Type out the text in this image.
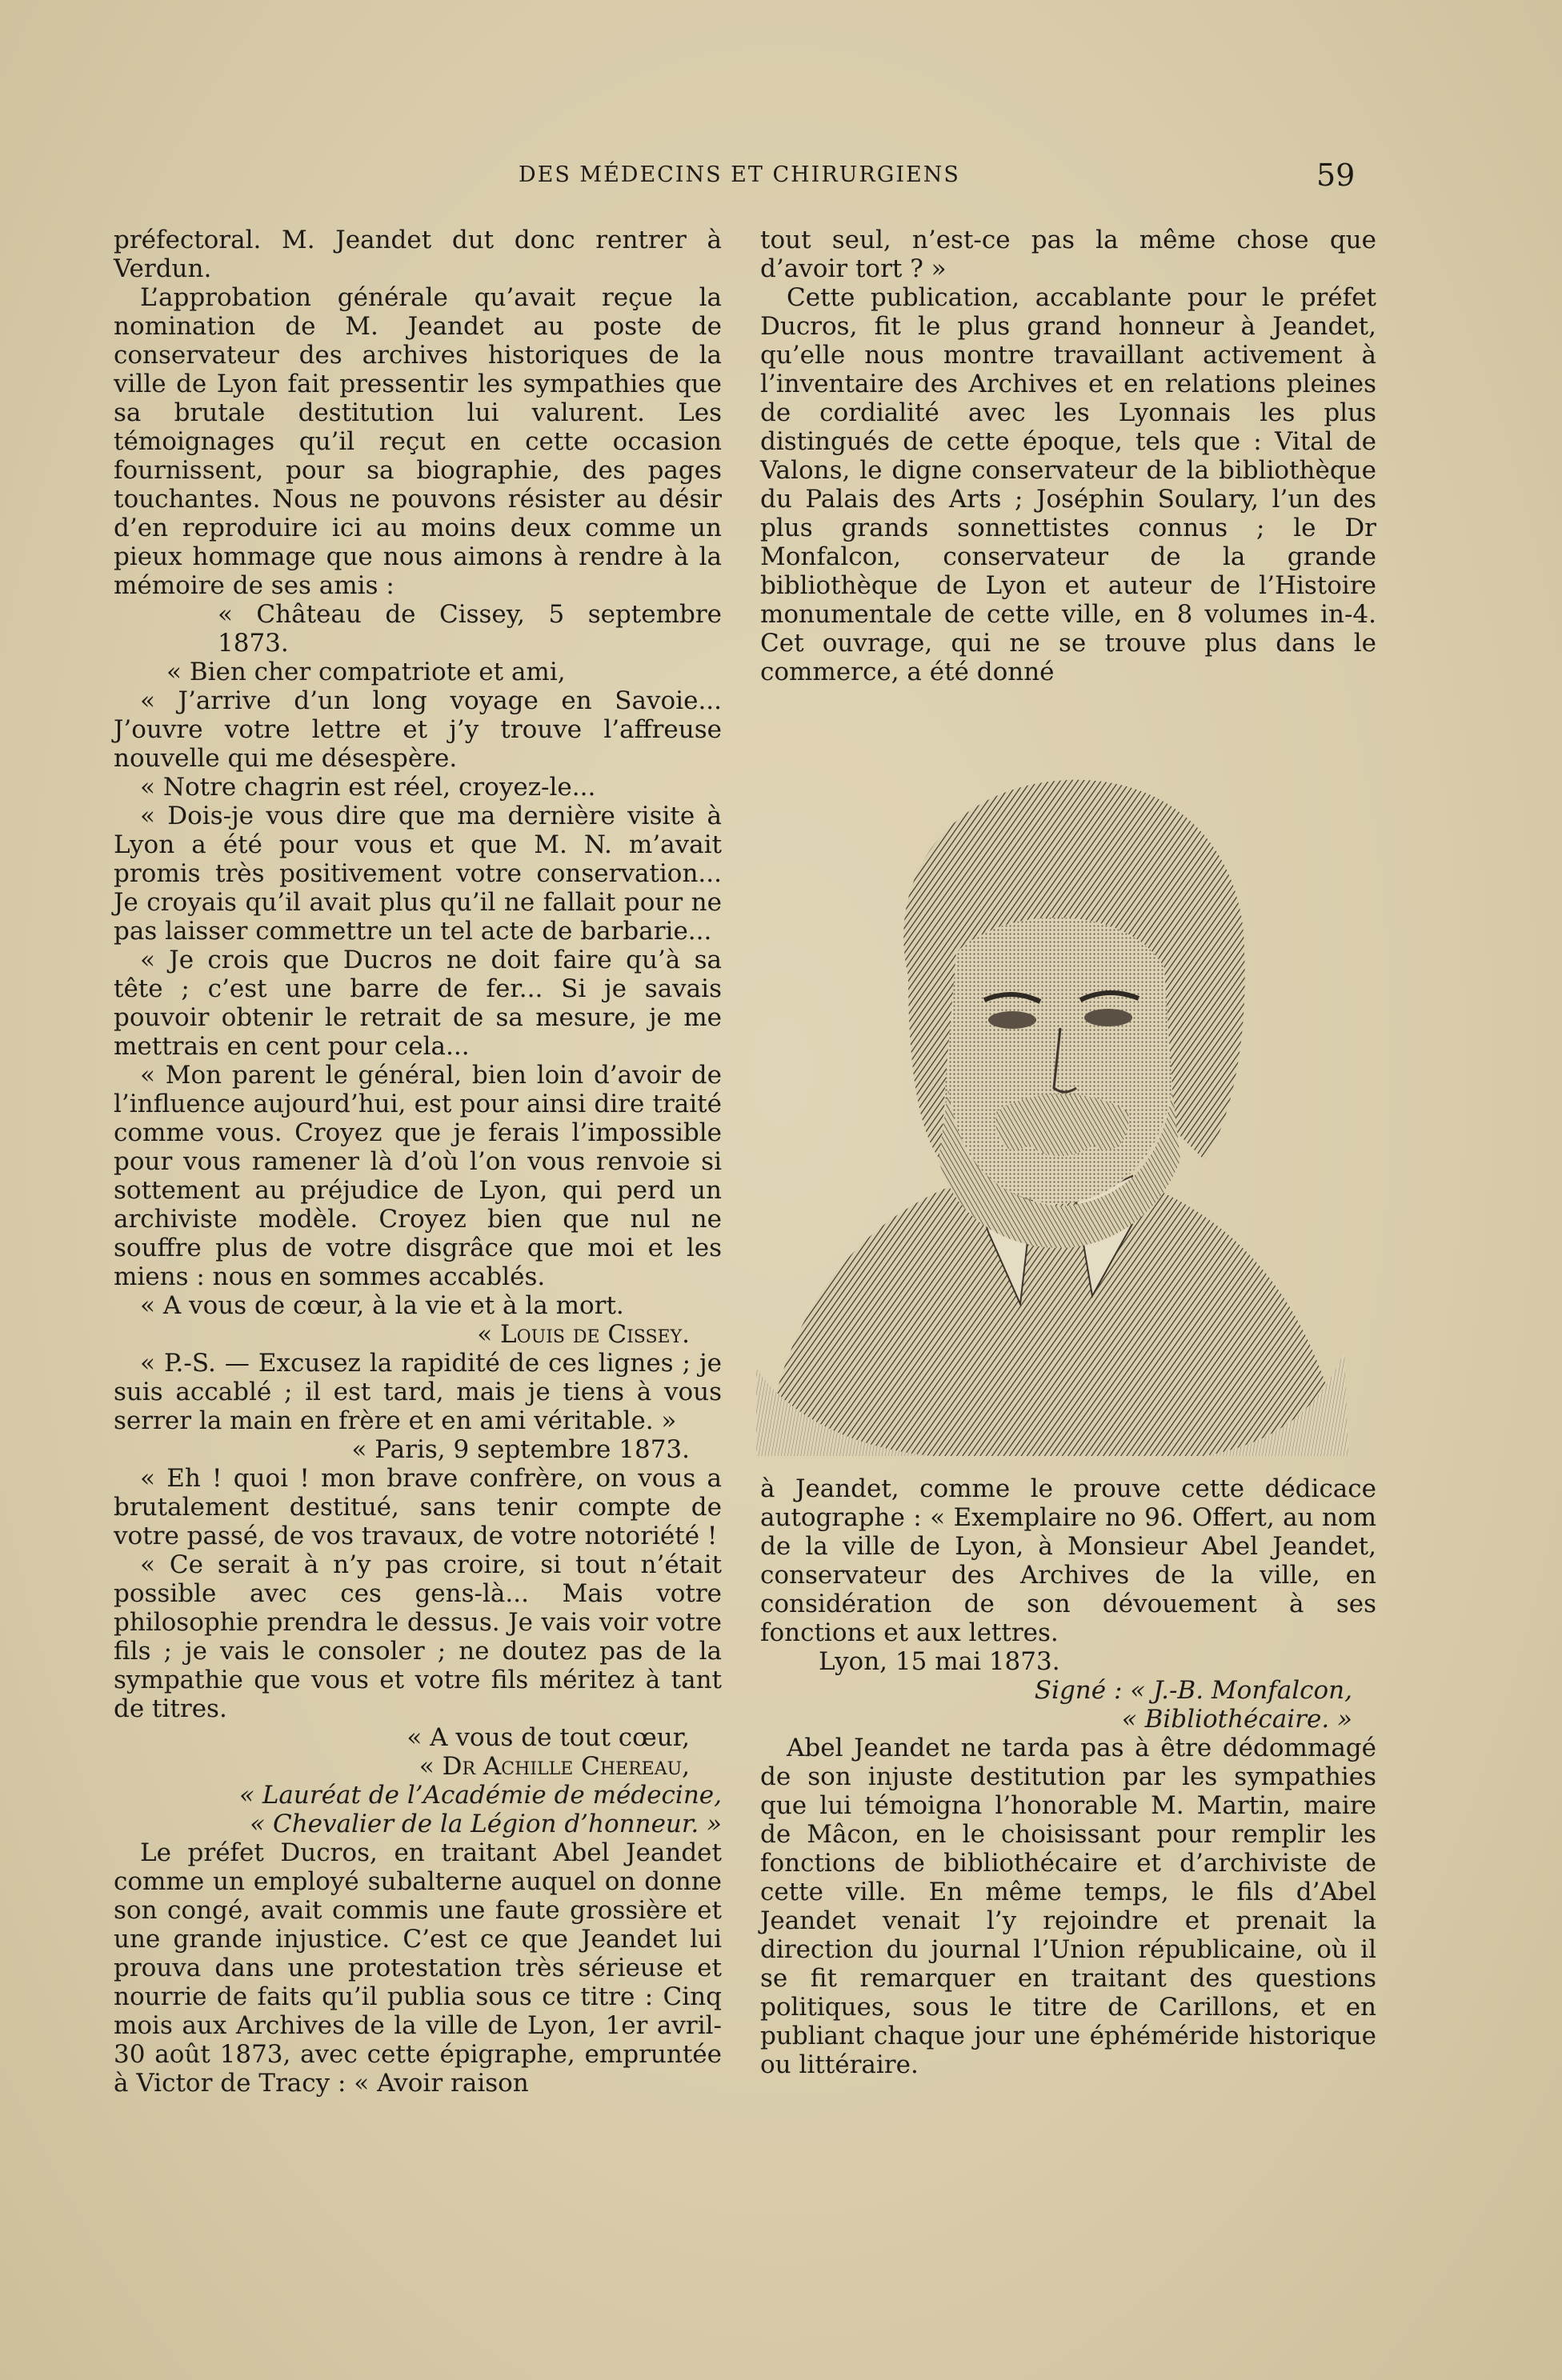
DES MÉDECINS ET CHIRURGIENS	59

préfectoral. M. Jeandet dut donc rentrer à Verdun.

L’approbation générale qu’avait reçue la nomination de M. Jeandet au poste de conservateur des archives historiques de la ville de Lyon fait pressentir les sympathies que sa brutale destitution lui valurent. Les témoignages qu’il reçut en cette occasion fournissent, pour sa biographie, des pages touchantes. Nous ne pouvons résister au désir d’en reproduire ici au moins deux comme un pieux hommage que nous aimons à rendre à la mémoire de ses amis :

« Château de Cissey, 5 septembre 1873.

« Bien cher compatriote et ami,

« J’arrive d’un long voyage en Savoie... J’ouvre votre lettre et j’y trouve l’affreuse nouvelle qui me désespère.

« Notre chagrin est réel, croyez-le...

« Dois-je vous dire que ma dernière visite à Lyon a été pour vous et que M. N. m’avait promis très positivement votre conservation... Je croyais qu’il avait plus qu’il ne fallait pour ne pas laisser commettre un tel acte de barbarie...

« Je crois que Ducros ne doit faire qu’à sa tête ; c’est une barre de fer... Si je savais pouvoir obtenir le retrait de sa mesure, je me mettrais en cent pour cela...

« Mon parent le général, bien loin d’avoir de l’influence aujourd’hui, est pour ainsi dire traité comme vous. Croyez que je ferais l’impossible pour vous ramener là d’où l’on vous renvoie si sottement au préjudice de Lyon, qui perd un archiviste modèle. Croyez bien que nul ne souffre plus de votre disgrâce que moi et les miens : nous en sommes accablés.

« A vous de cœur, à la vie et à la mort.

« Louis de Cissey.

« P.-S. — Excusez la rapidité de ces lignes ; je suis accablé ; il est tard, mais je tiens à vous serrer la main en frère et en ami véritable. »

« Paris, 9 septembre 1873.

« Eh ! quoi ! mon brave confrère, on vous a brutalement destitué, sans tenir compte de votre passé, de vos travaux, de votre notoriété !

« Ce serait à n’y pas croire, si tout n’était possible avec ces gens-là... Mais votre philosophie prendra le dessus. Je vais voir votre fils ; je vais le consoler ; ne doutez pas de la sympathie que vous et votre fils méritez à tant de titres.

« A vous de tout cœur,

« Dr Achille Chereau,

« Lauréat de l’Académie de médecine,

« Chevalier de la Légion d’honneur. »

Le préfet Ducros, en traitant Abel Jeandet comme un employé subalterne auquel on donne son congé, avait commis une faute grossière et une grande injustice. C’est ce que Jeandet lui prouva dans une protestation très sérieuse et nourrie de faits qu’il publia sous ce titre : Cinq mois aux Archives de la ville de Lyon, 1er avril-30 août 1873, avec cette épigraphe, empruntée à Victor de Tracy : « Avoir raison

tout seul, n’est-ce pas la même chose que d’avoir tort ? »

Cette publication, accablante pour le préfet Ducros, fit le plus grand honneur à Jeandet, qu’elle nous montre travaillant activement à l’inventaire des Archives et en relations pleines de cordialité avec les Lyonnais les plus distingués de cette époque, tels que : Vital de Valons, le digne conservateur de la bibliothèque du Palais des Arts ; Joséphin Soulary, l’un des plus grands sonnettistes connus ; le Dr Monfalcon, conservateur de la grande bibliothèque de Lyon et auteur de l’Histoire monumentale de cette ville, en 8 volumes in-4. Cet ouvrage, qui ne se trouve plus dans le commerce, a été donné

à Jeandet, comme le prouve cette dédicace autographe : « Exemplaire no 96. Offert, au nom de la ville de Lyon, à Monsieur Abel Jeandet, conservateur des Archives de la ville, en considération de son dévouement à ses fonctions et aux lettres.

Lyon, 15 mai 1873.

Signé : « J.-B. Monfalcon,

« Bibliothécaire. »

Abel Jeandet ne tarda pas à être dédommagé de son injuste destitution par les sympathies que lui témoigna l’honorable M. Martin, maire de Mâcon, en le choisissant pour remplir les fonctions de bibliothécaire et d’archiviste de cette ville. En même temps, le fils d’Abel Jeandet venait l’y rejoindre et prenait la direction du journal l’Union républicaine, où il se fit remarquer en traitant des questions politiques, sous le titre de Carillons, et en publiant chaque jour une éphéméride historique ou littéraire.
